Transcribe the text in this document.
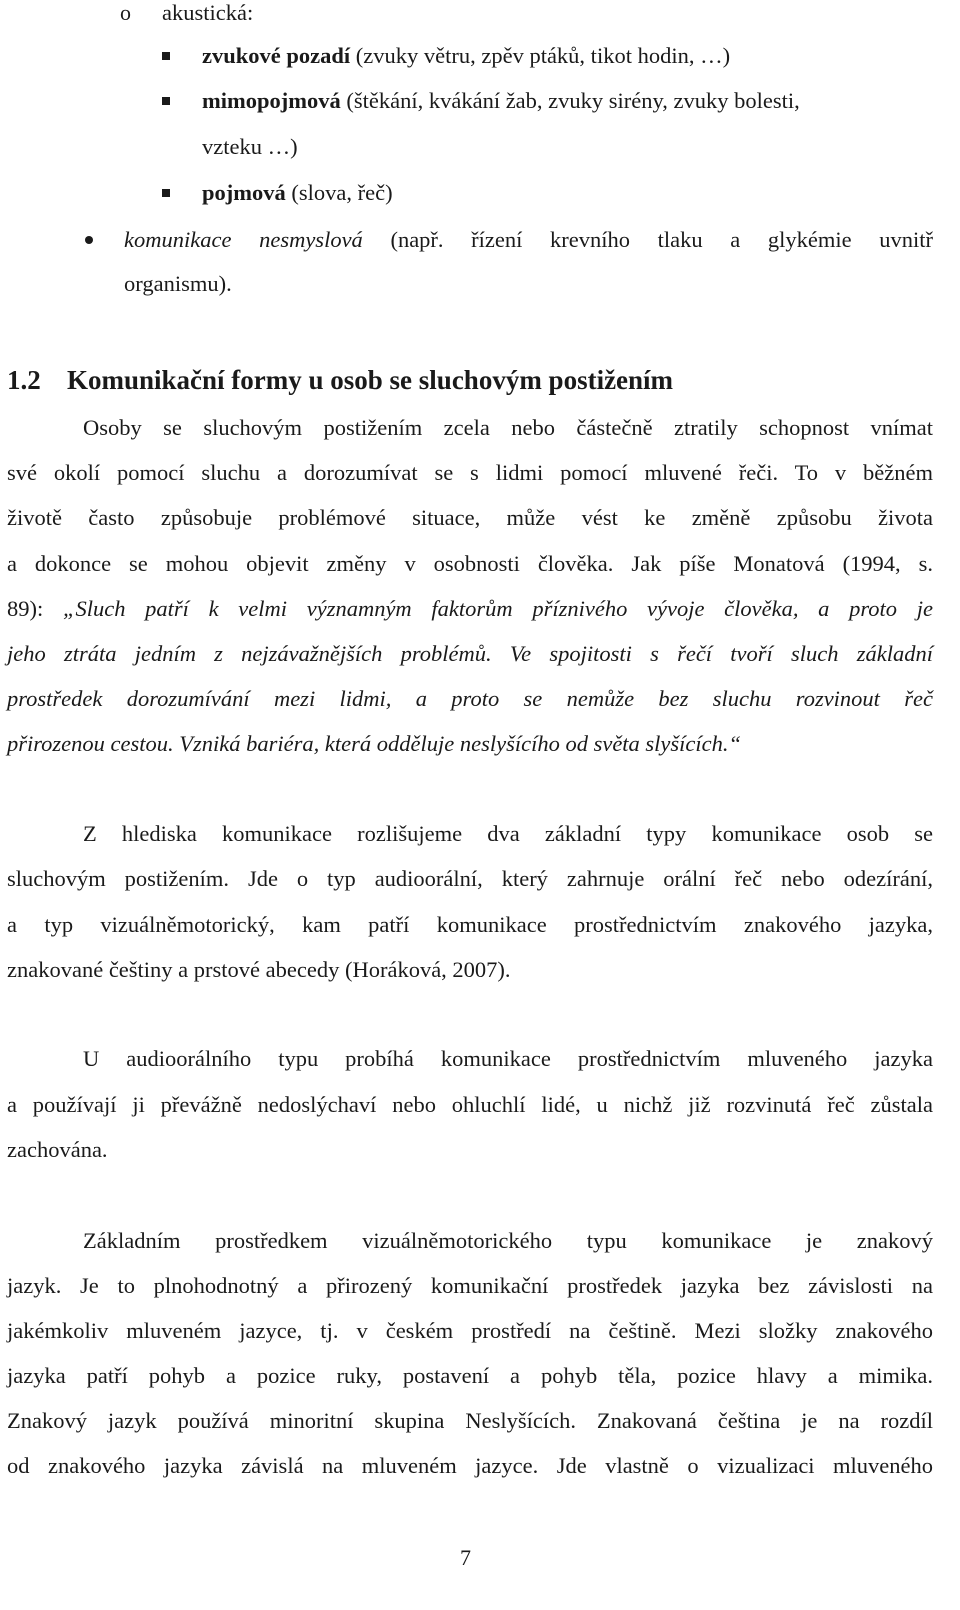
o akustická:
zvukové pozadí (zvuky větru, zpěv ptáků, tikot hodin, …)
mimopojmová (štěkání, kvákání žab, zvuky sirény, zvuky bolesti,
vzteku …)
pojmová (slova, řeč)
komunikace nesmyslová (např. řízení krevního tlaku a glykémie uvnitř
organismu).
1.2 Komunikační formy u osob se sluchovým postižením
Osoby se sluchovým postižením zcela nebo částečně ztratily schopnost vnímat
své okolí pomocí sluchu a dorozumívat se s lidmi pomocí mluvené řeči. To v běžném
životě často způsobuje problémové situace, může vést ke změně způsobu života
a dokonce se mohou objevit změny v osobnosti člověka. Jak píše Monatová (1994, s.
89): „Sluch patří k velmi významným faktorům příznivého vývoje člověka, a proto je
jeho ztráta jedním z nejzávažnějších problémů. Ve spojitosti s řečí tvoří sluch základní
prostředek dorozumívání mezi lidmi, a proto se nemůže bez sluchu rozvinout řeč
přirozenou cestou. Vzniká bariéra, která odděluje neslyšícího od světa slyšících.“
Z hlediska komunikace rozlišujeme dva základní typy komunikace osob se
sluchovým postižením. Jde o typ audioorální, který zahrnuje orální řeč nebo odezírání,
a typ vizuálněmotorický, kam patří komunikace prostřednictvím znakového jazyka,
znakované češtiny a prstové abecedy (Horáková, 2007).
U audioorálního typu probíhá komunikace prostřednictvím mluveného jazyka
a používají ji převážně nedoslýchaví nebo ohluchlí lidé, u nichž již rozvinutá řeč zůstala
zachována.
Základním prostředkem vizuálněmotorického typu komunikace je znakový
jazyk. Je to plnohodnotný a přirozený komunikační prostředek jazyka bez závislosti na
jakémkoliv mluveném jazyce, tj. v českém prostředí na češtině. Mezi složky znakového
jazyka patří pohyb a pozice ruky, postavení a pohyb těla, pozice hlavy a mimika.
Znakový jazyk používá minoritní skupina Neslyšících. Znakovaná čeština je na rozdíl
od znakového jazyka závislá na mluveném jazyce. Jde vlastně o vizualizaci mluveného
7
